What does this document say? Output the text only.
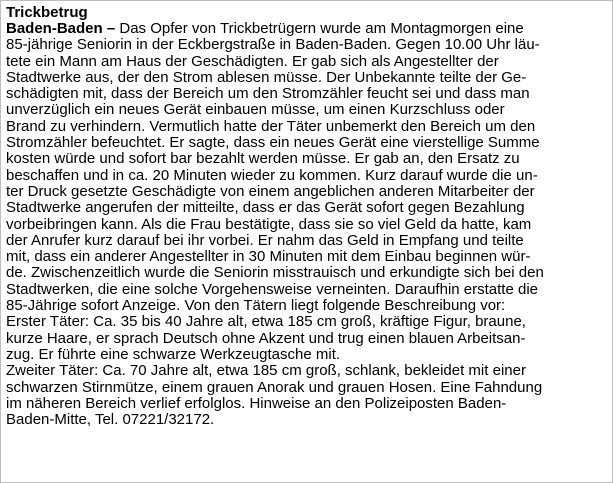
Trickbetrug
Baden-Baden – Das Opfer von Trickbetrügern wurde am Montagmorgen eine
85-jährige Seniorin in der Eckbergstraße in Baden-Baden. Gegen 10.00 Uhr läu-
tete ein Mann am Haus der Geschädigten. Er gab sich als Angestellter der
Stadtwerke aus, der den Strom ablesen müsse. Der Unbekannte teilte der Ge-
schädigten mit, dass der Bereich um den Stromzähler feucht sei und dass man
unverzüglich ein neues Gerät einbauen müsse, um einen Kurzschluss oder
Brand zu verhindern. Vermutlich hatte der Täter unbemerkt den Bereich um den
Stromzähler befeuchtet. Er sagte, dass ein neues Gerät eine vierstellige Summe
kosten würde und sofort bar bezahlt werden müsse. Er gab an, den Ersatz zu
beschaffen und in ca. 20 Minuten wieder zu kommen. Kurz darauf wurde die un-
ter Druck gesetzte Geschädigte von einem angeblichen anderen Mitarbeiter der
Stadtwerke angerufen der mitteilte, dass er das Gerät sofort gegen Bezahlung
vorbeibringen kann. Als die Frau bestätigte, dass sie so viel Geld da hatte, kam
der Anrufer kurz darauf bei ihr vorbei. Er nahm das Geld in Empfang und teilte
mit, dass ein anderer Angestellter in 30 Minuten mit dem Einbau beginnen wür-
de. Zwischenzeitlich wurde die Seniorin misstrauisch und erkundigte sich bei den
Stadtwerken, die eine solche Vorgehensweise verneinten. Daraufhin erstatte die
85-Jährige sofort Anzeige. Von den Tätern liegt folgende Beschreibung vor:
Erster Täter: Ca. 35 bis 40 Jahre alt, etwa 185 cm groß, kräftige Figur, braune,
kurze Haare, er sprach Deutsch ohne Akzent und trug einen blauen Arbeitsan-
zug. Er führte eine schwarze Werkzeugtasche mit.
Zweiter Täter: Ca. 70 Jahre alt, etwa 185 cm groß, schlank, bekleidet mit einer
schwarzen Stirnmütze, einem grauen Anorak und grauen Hosen. Eine Fahndung
im näheren Bereich verlief erfolglos. Hinweise an den Polizeiposten Baden-
Baden-Mitte, Tel. 07221/32172.
